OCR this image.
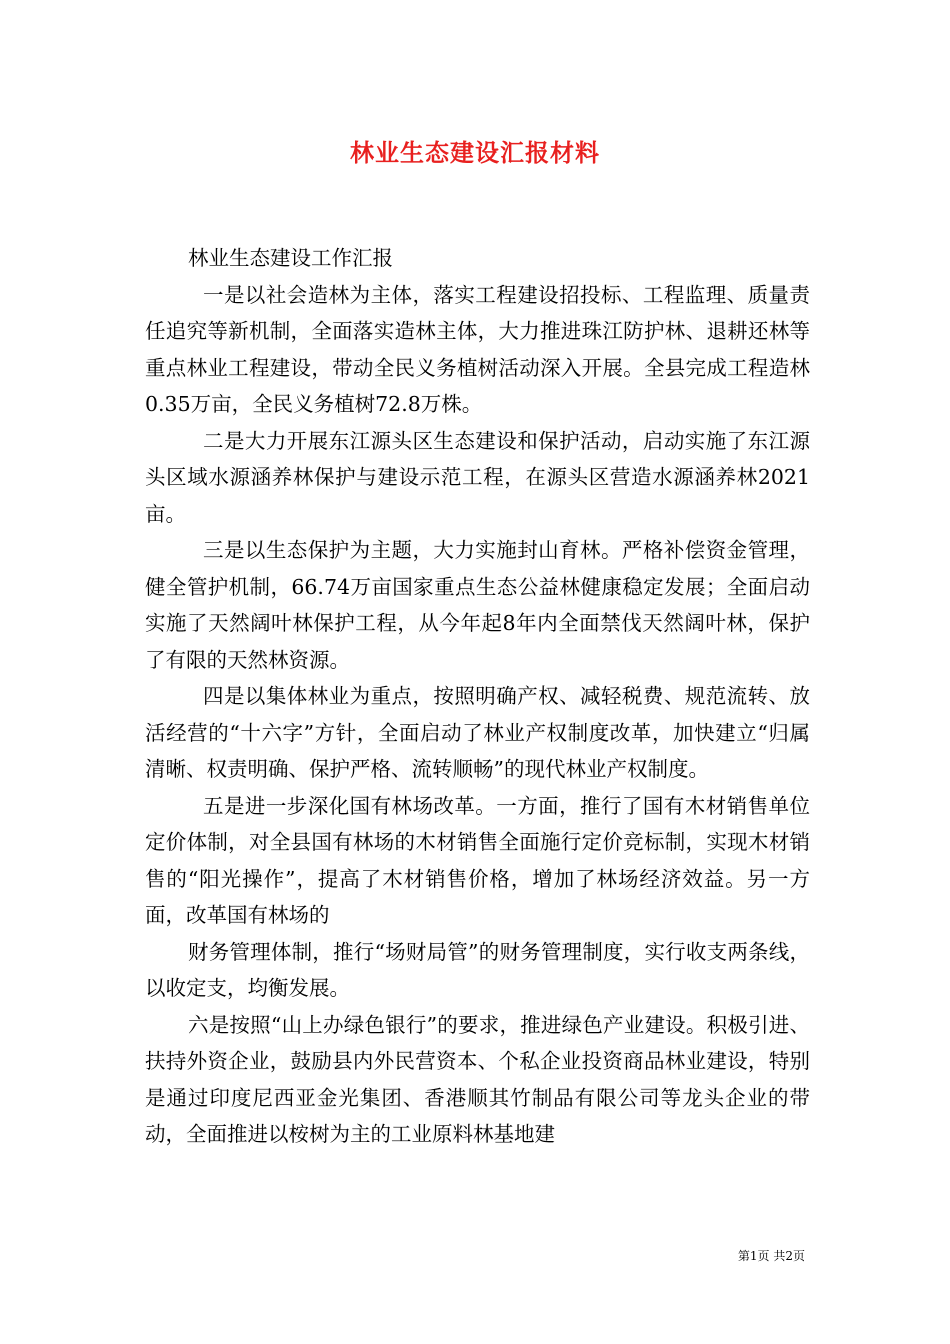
林业生态建设汇报材料

林业生态建设工作汇报

一是以社会造林为主体，落实工程建设招投标、工程监理、质量责任追究等新机制，全面落实造林主体，大力推进珠江防护林、退耕还林等重点林业工程建设，带动全民义务植树活动深入开展。全县完成工程造林0.35万亩，全民义务植树72.8万株。

二是大力开展东江源头区生态建设和保护活动，启动实施了东江源头区域水源涵养林保护与建设示范工程，在源头区营造水源涵养林2021亩。

三是以生态保护为主题，大力实施封山育林。严格补偿资金管理，健全管护机制，66.74万亩国家重点生态公益林健康稳定发展；全面启动实施了天然阔叶林保护工程，从今年起8年内全面禁伐天然阔叶林，保护了有限的天然林资源。

四是以集体林业为重点，按照明确产权、减轻税费、规范流转、放活经营的“十六字”方针，全面启动了林业产权制度改革，加快建立“归属清晰、权责明确、保护严格、流转顺畅”的现代林业产权制度。

五是进一步深化国有林场改革。一方面，推行了国有木材销售单位定价体制，对全县国有林场的木材销售全面施行定价竞标制，实现木材销售的“阳光操作”，提高了木材销售价格，增加了林场经济效益。另一方面，改革国有林场的

财务管理体制，推行“场财局管”的财务管理制度，实行收支两条线，以收定支，均衡发展。

六是按照“山上办绿色银行”的要求，推进绿色产业建设。积极引进、扶持外资企业，鼓励县内外民营资本、个私企业投资商品林业建设，特别是通过印度尼西亚金光集团、香港顺其竹制品有限公司等龙头企业的带动，全面推进以桉树为主的工业原料林基地建

第1页 共2页
